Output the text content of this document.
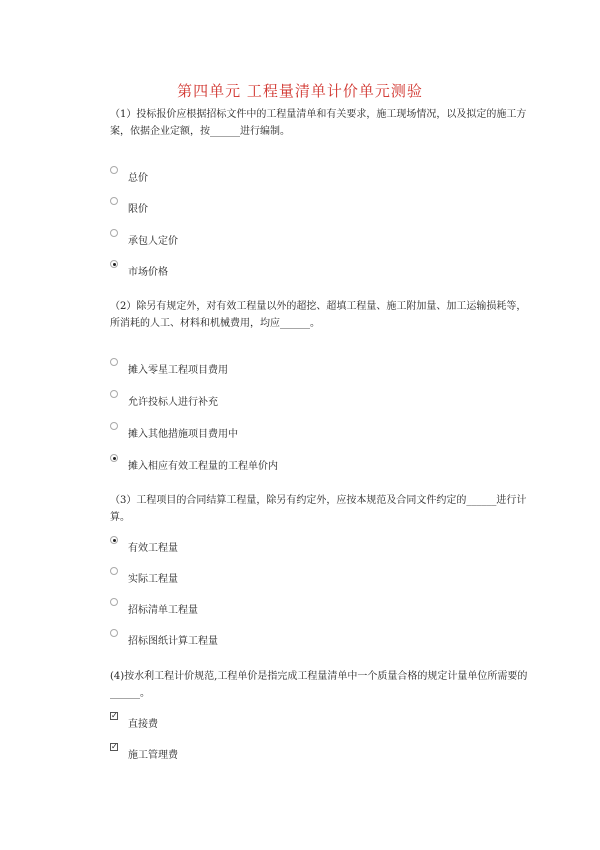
第四单元 工程量清单计价单元测验
（1）投标报价应根据招标文件中的工程量清单和有关要求，施工现场情况，以及拟定的施工方案，依据企业定额，按______进行编制。
总价
限价
承包人定价
市场价格
（2）除另有规定外，对有效工程量以外的超挖、超填工程量、施工附加量、加工运输损耗等，所消耗的人工、材料和机械费用，均应______。
摊入零星工程项目费用
允许投标人进行补充
摊入其他措施项目费用中
摊入相应有效工程量的工程单价内
（3）工程项目的合同结算工程量，除另有约定外，应按本规范及合同文件约定的______进行计算。
有效工程量
实际工程量
招标清单工程量
招标图纸计算工程量
(4)按水利工程计价规范,工程单价是指完成工程量清单中一个质量合格的规定计量单位所需要的______。
✓
直接费
✓
施工管理费
